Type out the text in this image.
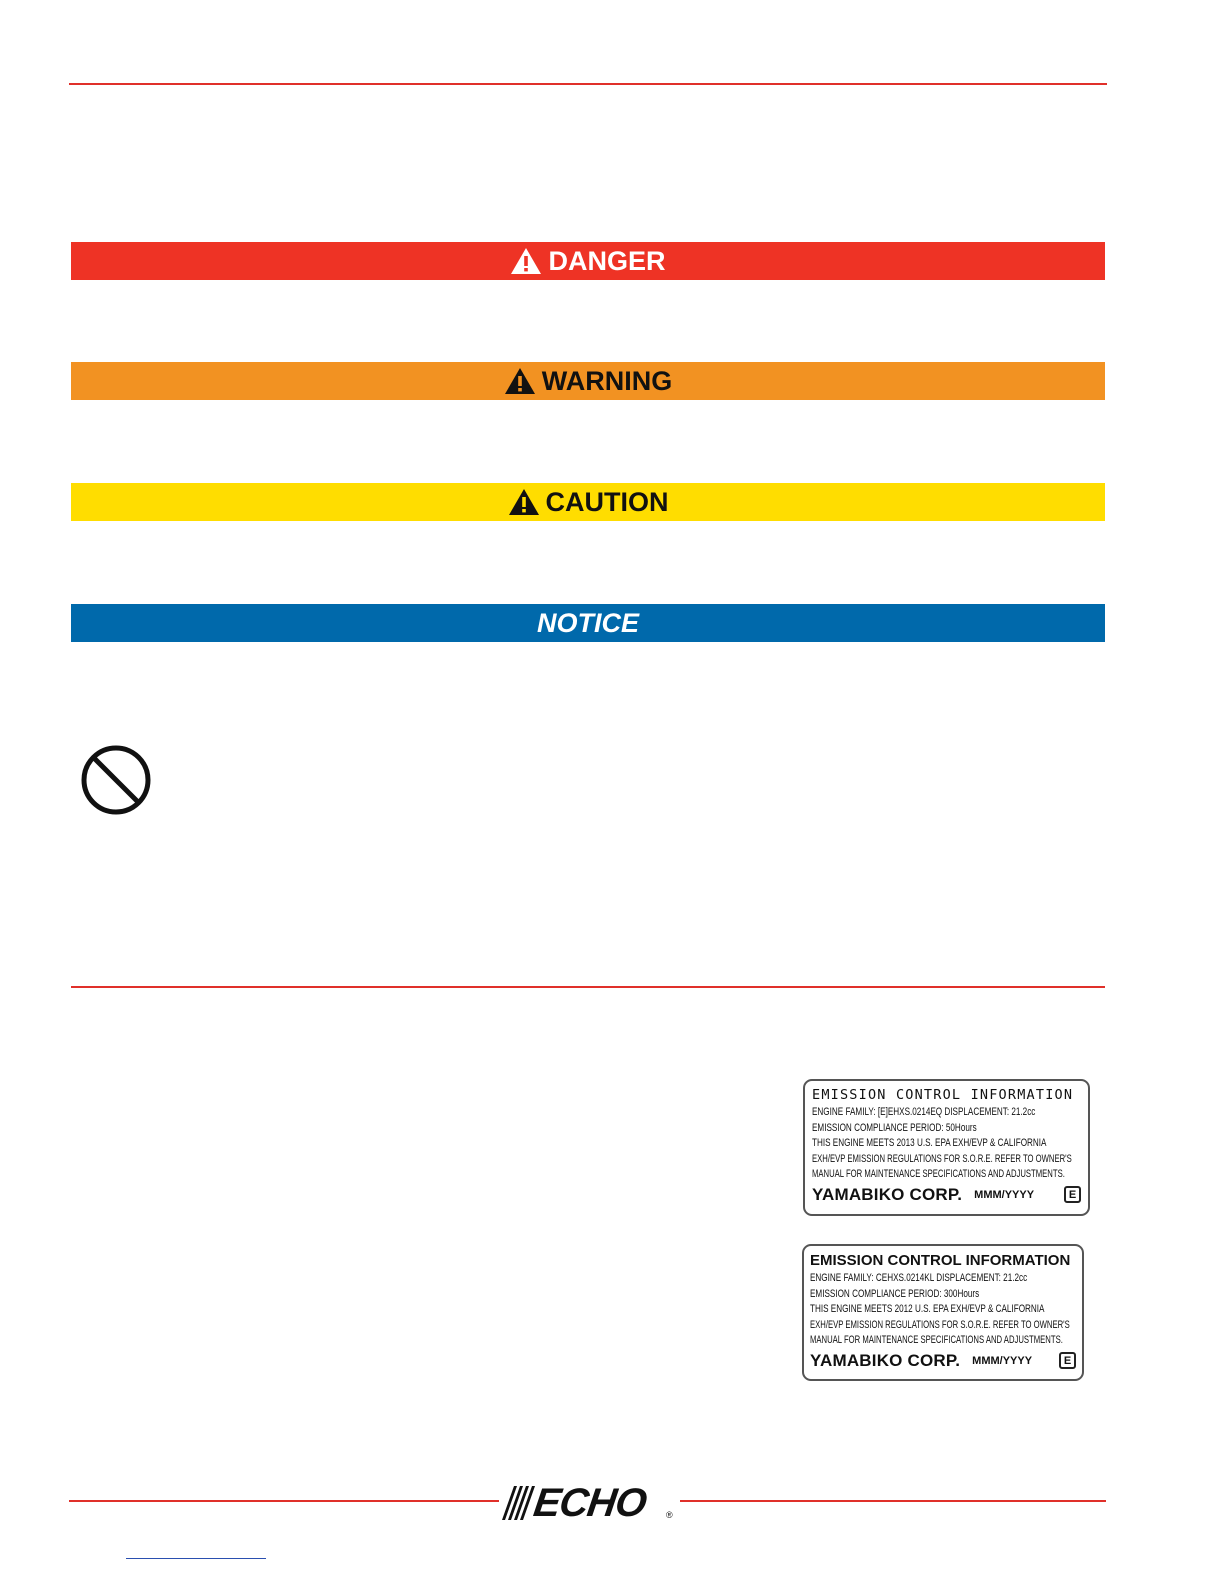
DANGER
WARNING
CAUTION
NOTICE
EMISSION CONTROL INFORMATION
ENGINE FAMILY: [E]EHXS.0214EQ DISPLACEMENT: 21.2cc
EMISSION COMPLIANCE PERIOD: 50Hours
THIS ENGINE MEETS 2013 U.S. EPA EXH/EVP & CALIFORNIA
EXH/EVP EMISSION REGULATIONS FOR S.O.R.E. REFER TO OWNER'S
MANUAL FOR MAINTENANCE SPECIFICATIONS AND ADJUSTMENTS.
YAMABIKO CORP. MMM/YYYY	E
EMISSION CONTROL INFORMATION
ENGINE FAMILY: CEHXS.0214KL DISPLACEMENT: 21.2cc
EMISSION COMPLIANCE PERIOD: 300Hours
THIS ENGINE MEETS 2012 U.S. EPA EXH/EVP & CALIFORNIA
EXH/EVP EMISSION REGULATIONS FOR S.O.R.E. REFER TO OWNER'S
MANUAL FOR MAINTENANCE SPECIFICATIONS AND ADJUSTMENTS.
YAMABIKO CORP. MMM/YYYY	E
ECHO ®
